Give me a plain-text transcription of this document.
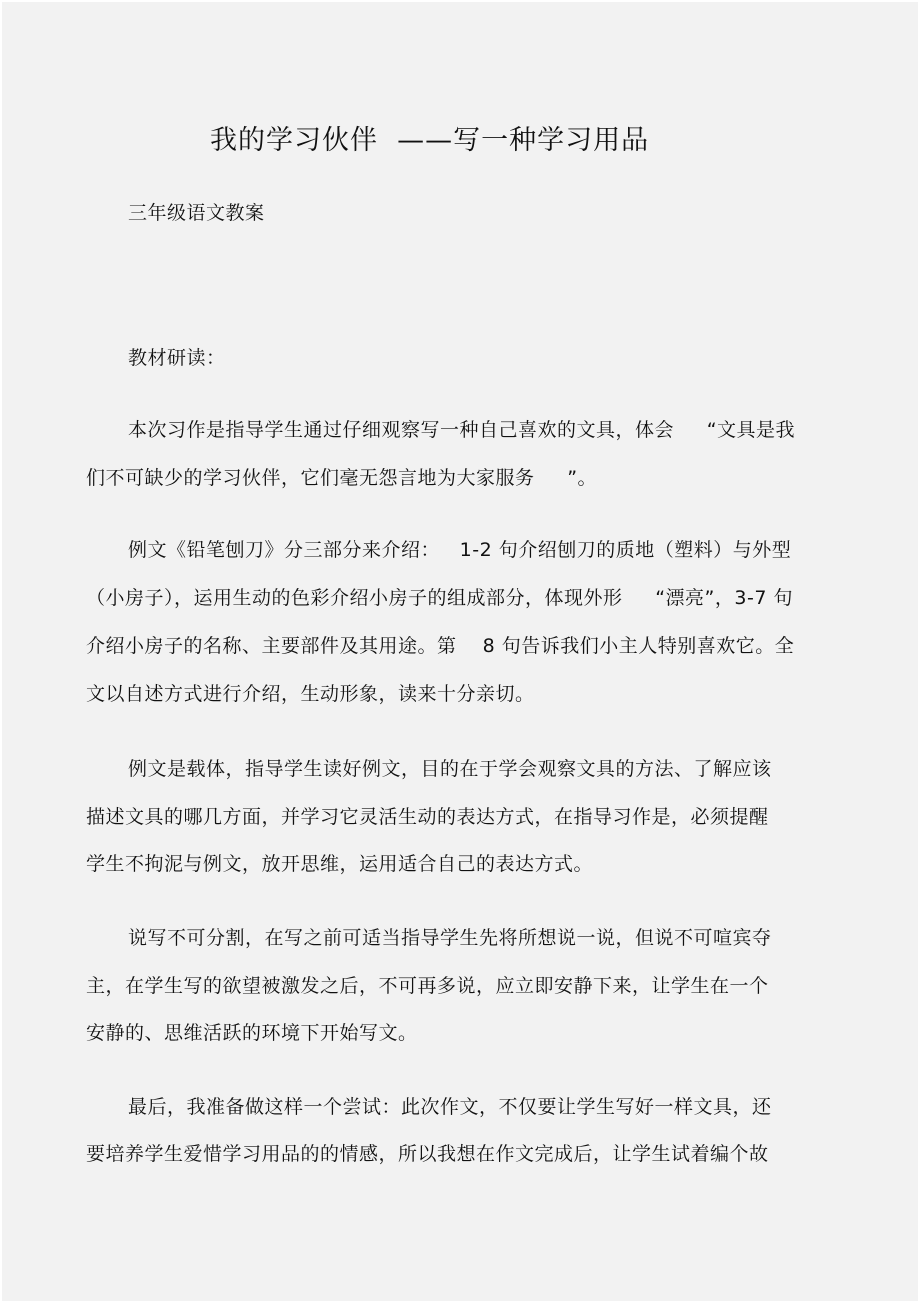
我的学习伙伴  ——写一种学习用品
三年级语文教案
教材研读：
本次习作是指导学生通过仔细观察写一种自己喜欢的文具，体会     “文具是我
们不可缺少的学习伙伴，它们毫无怨言地为大家服务     ”。
例文《铅笔刨刀》分三部分来介绍：   1-2 句介绍刨刀的质地（塑料）与外型
（小房子），运用生动的色彩介绍小房子的组成部分，体现外形     “漂亮”，3-7 句
介绍小房子的名称、主要部件及其用途。第    8 句告诉我们小主人特别喜欢它。全
文以自述方式进行介绍，生动形象，读来十分亲切。
例文是载体，指导学生读好例文，目的在于学会观察文具的方法、了解应该
描述文具的哪几方面，并学习它灵活生动的表达方式，在指导习作是，必须提醒
学生不拘泥与例文，放开思维，运用适合自己的表达方式。
说写不可分割，在写之前可适当指导学生先将所想说一说，但说不可喧宾夺
主，在学生写的欲望被激发之后，不可再多说，应立即安静下来，让学生在一个
安静的、思维活跃的环境下开始写文。
最后，我准备做这样一个尝试：此次作文，不仅要让学生写好一样文具，还
要培养学生爱惜学习用品的的情感，所以我想在作文完成后，让学生试着编个故
